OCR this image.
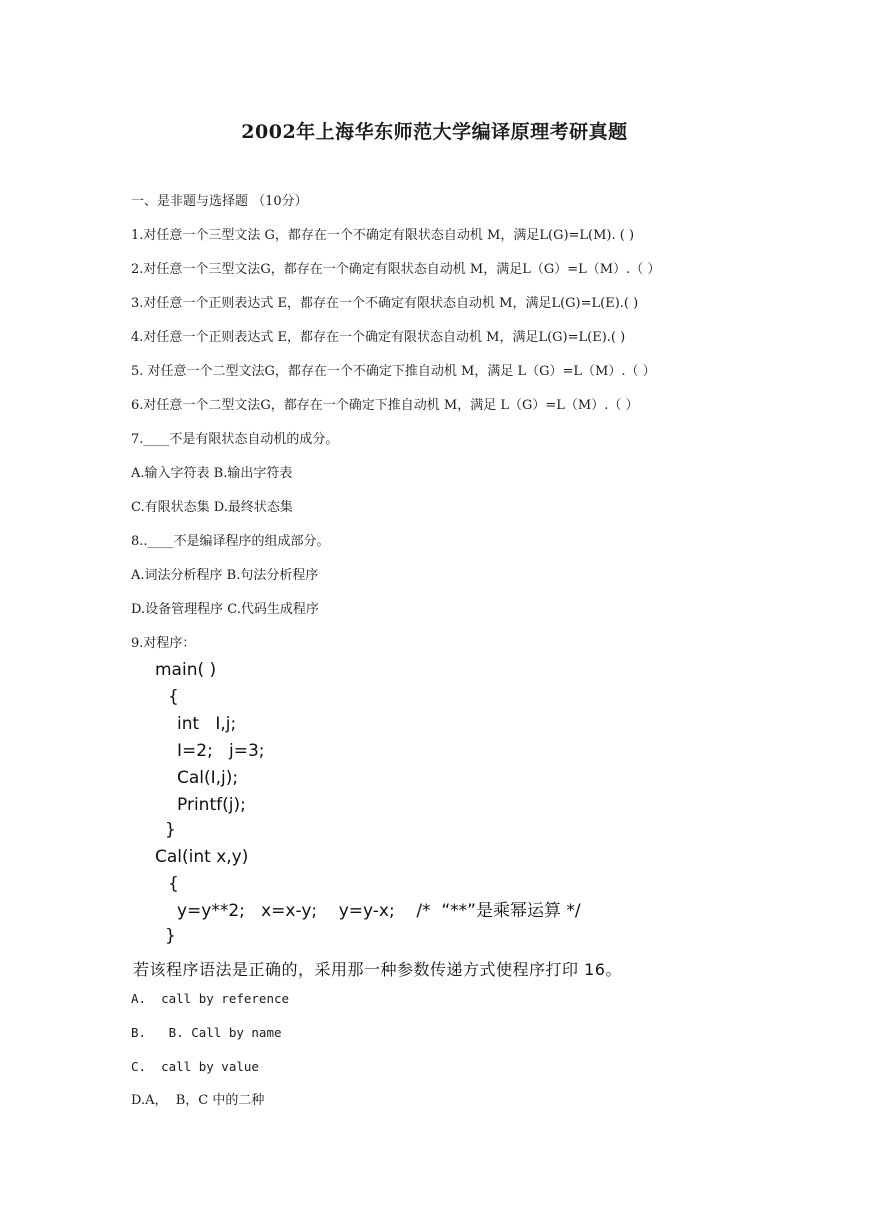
2002年上海华东师范大学编译原理考研真题
一、是非题与选择题 （10分）
1.对任意一个三型文法 G，都存在一个不确定有限状态自动机 M，满足L(G)=L(M). ( )
2.对任意一个三型文法G，都存在一个确定有限状态自动机 M，满足L（G）=L（M）.（ ）
3.对任意一个正则表达式 E，都存在一个不确定有限状态自动机 M，满足L(G)=L(E).( )
4.对任意一个正则表达式 E，都存在一个确定有限状态自动机 M，满足L(G)=L(E).( )
5. 对任意一个二型文法G，都存在一个不确定下推自动机 M，满足 L（G）=L（M）.（ ）
6.对任意一个二型文法G，都存在一个确定下推自动机 M，满足 L（G）=L（M）.（ ）
7.____不是有限状态自动机的成分。
A.输入字符表 B.输出字符表
C.有限状态集 D.最终状态集
8..____不是编译程序的组成部分。
A.词法分析程序 B.句法分析程序
D.设备管理程序 C.代码生成程序
9.对程序：
main( )
{
int   I,j;
I=2;   j=3;
Cal(I,j);
Printf(j);
}
Cal(int x,y)
{
y=y**2;   x=x-y;    y=y-x;    /*  “**”是乘幂运算 */
}
若该程序语法是正确的，采用那一种参数传递方式使程序打印 16。
A.  call by reference
B.   B. Call by name
C.  call by value
D.A，  B，C 中的二种
